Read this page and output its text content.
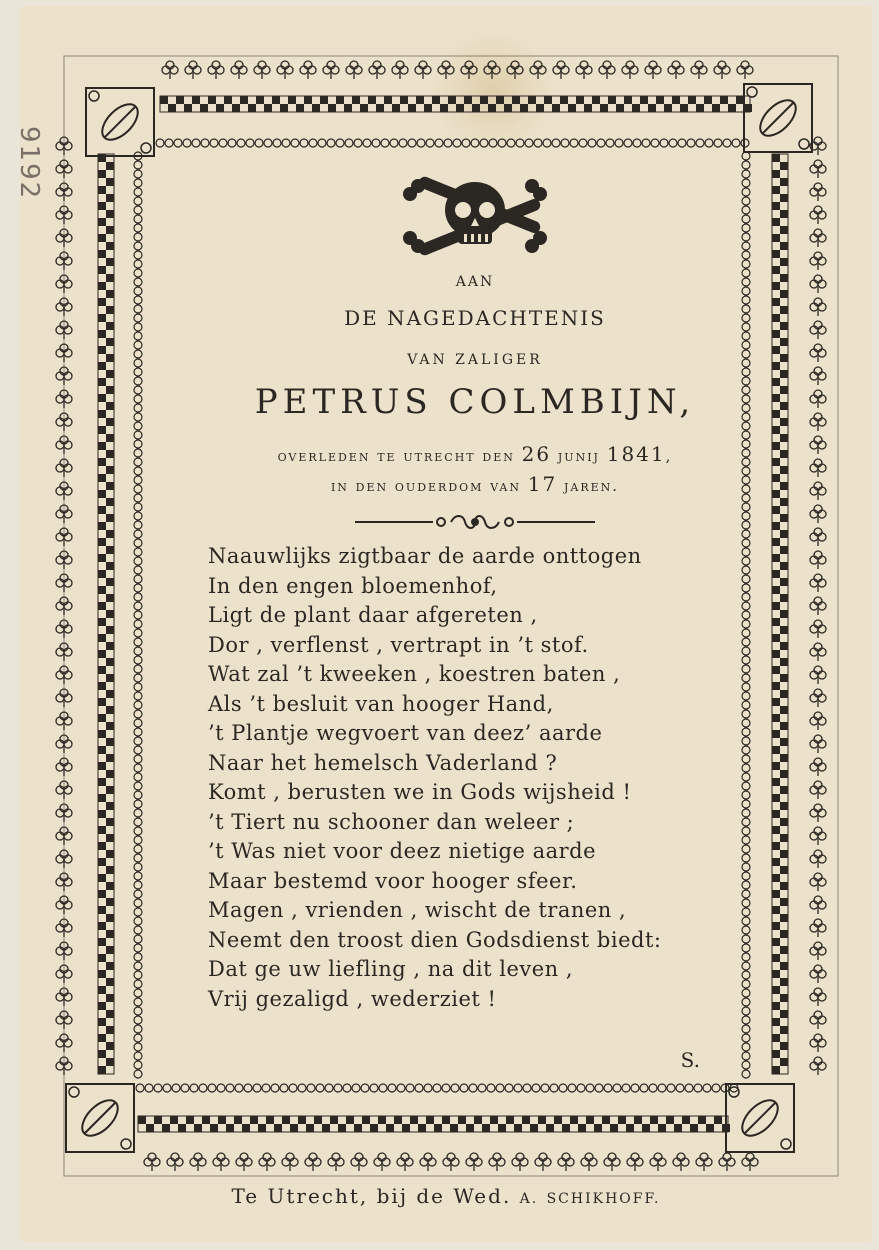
9192
AAN
DE NAGEDACHTENIS
VAN ZALIGER
PETRUS COLMBIJN,
overleden te utrecht den 26 junij 1841,
in den ouderdom van 17 jaren.
Naauwlijks zigtbaar de aarde onttogen
In den engen bloemenhof,
Ligt de plant daar afgereten ,
Dor , verflenst , vertrapt in ’t stof.
Wat zal ’t kweeken , koestren baten ,
Als ’t besluit van hooger Hand,
’t Plantje wegvoert van deez’ aarde
Naar het hemelsch Vaderland ?
Komt , berusten we in Gods wijsheid !
’t Tiert nu schooner dan weleer ;
’t Was niet voor deez nietige aarde
Maar bestemd voor hooger sfeer.
Magen , vrienden , wischt de tranen ,
Neemt den troost dien Godsdienst biedt:
Dat ge uw liefling , na dit leven ,
Vrij gezaligd , wederziet !
S.
Te Utrecht, bij de Wed. A. SCHIKHOFF.
